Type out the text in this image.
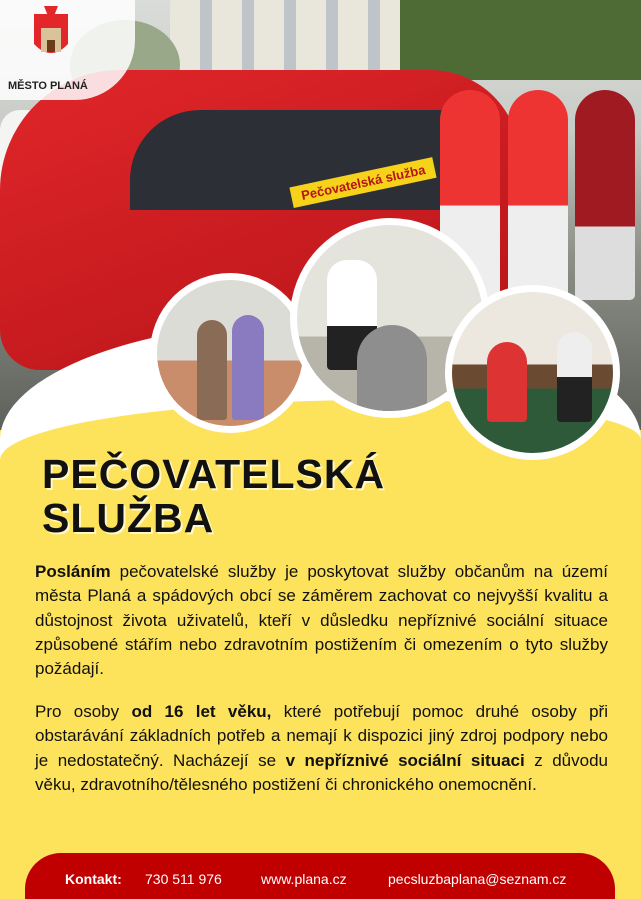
Pečovatelská služba
MĚSTO PLANÁ
PEČOVATELSKÁ
SLUŽBA

Posláním pečovatelské služby je poskytovat služby občanům na území města Planá a spádových obcí se záměrem zachovat co nejvyšší kvalitu a důstojnost života uživatelů, kteří v důsledku nepříznivé sociální situace způsobené stářím nebo zdravotním postižením či omezením o tyto služby požádají.

Pro osoby od 16 let věku, které potřebují pomoc druhé osoby při obstarávání základních potřeb a nemají k dispozici jiný zdroj podpory nebo je nedostatečný. Nacházejí se v nepříznivé sociální situaci z důvodu věku, zdravotního/tělesného postižení či chronického onemocnění.

Kontakt: 730 511 976	www.plana.cz	pecsluzbaplana@seznam.cz
